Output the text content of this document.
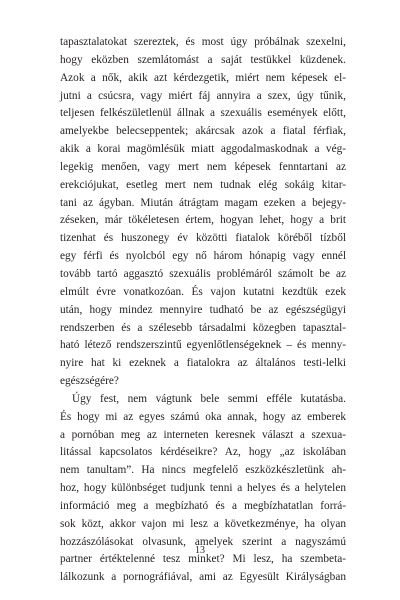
tapasztalatokat szereztek, és most úgy próbálnak szexelni,
hogy eközben szemlátomást a saját testükkel küzdenek.
Azok a nők, akik azt kérdezgetik, miért nem képesek el-
jutni a csúcsra, vagy miért fáj annyira a szex, úgy tűnik,
teljesen felkészületlenül állnak a szexuális események előtt,
amelyekbe belecseppentek; akárcsak azok a fiatal férfiak,
akik a korai magömlésük miatt aggodalmaskodnak a vég-
legekig menően, vagy mert nem képesek fenntartani az
erekciójukat, esetleg mert nem tudnak elég sokáig kitar-
tani az ágyban. Miután átrágtam magam ezeken a bejegy-
zéseken, már tökéletesen értem, hogyan lehet, hogy a brit
tizenhat és huszonegy év közötti fiatalok köréből tízből
egy férfi és nyolcból egy nő három hónapig vagy ennél
tovább tartó aggasztó szexuális problémáról számolt be az
elmúlt évre vonatkozóan. És vajon kutatni kezdtük ezek
után, hogy mindez mennyire tudható be az egészségügyi
rendszerben és a szélesebb társadalmi közegben tapasztal-
ható létező rendszerszintű egyenlőtlenségeknek – és menny-
nyire hat ki ezeknek a fiatalokra az általános testi-lelki
egészségére?
Úgy fest, nem vágtunk bele semmi efféle kutatásba.
És hogy mi az egyes számú oka annak, hogy az emberek
a pornóban meg az interneten keresnek választ a szexua-
litással kapcsolatos kérdéseikre? Az, hogy „az iskolában
nem tanultam”. Ha nincs megfelelő eszközkészletünk ah-
hoz, hogy különbséget tudjunk tenni a helyes és a helytelen
információ meg a megbízható és a megbízhatatlan forrá-
sok közt, akkor vajon mi lesz a következménye, ha olyan
hozzászólásokat olvasunk, amelyek szerint a nagyszámú
partner értéktelenné tesz minket? Mi lesz, ha szembeta-
lálkozunk a pornográfiával, ami az Egyesült Királyságban
13
